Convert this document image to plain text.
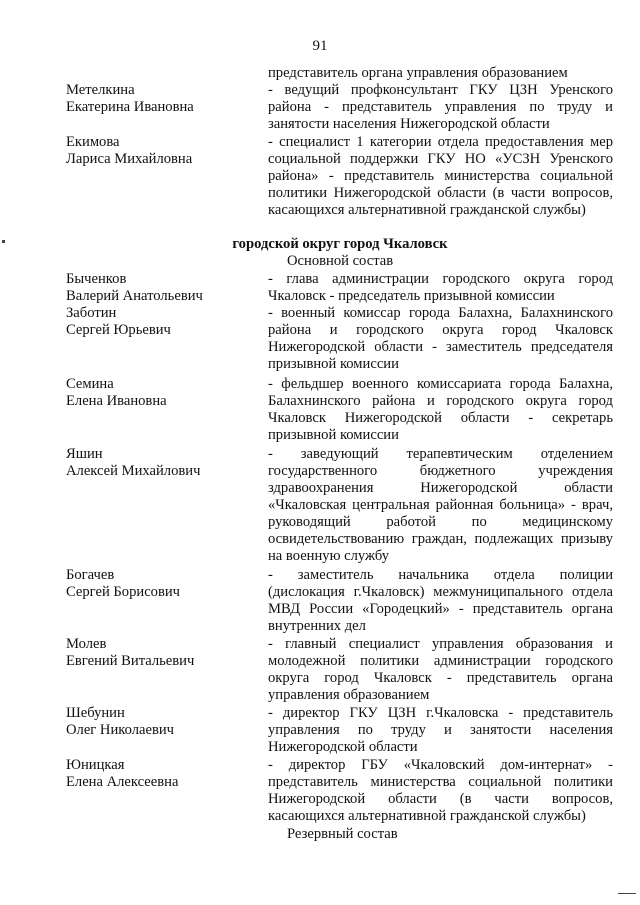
91
представитель органа управления образованием
Метелкина
Екатерина Ивановна
- ведущий профконсультант ГКУ ЦЗН Уренского
района - представитель управления по труду и
занятости населения Нижегородской области
Екимова
Лариса Михайловна
- специалист 1 категории отдела предоставления мер
социальной поддержки ГКУ НО «УСЗН Уренского
района» - представитель министерства социальной
политики Нижегородской области (в части вопросов,
касающихся альтернативной гражданской службы)
городской округ город Чкаловск
Основной состав
Быченков
Валерий Анатольевич
- глава администрации городского округа город
Чкаловск - председатель призывной комиссии
Заботин
Сергей Юрьевич
- военный комиссар города Балахна, Балахнинского
района и городского округа город Чкаловск
Нижегородской области - заместитель председателя
призывной комиссии
Семина
Елена Ивановна
- фельдшер военного комиссариата города Балахна,
Балахнинского района и городского округа город
Чкаловск Нижегородской области - секретарь
призывной комиссии
Яшин
Алексей Михайлович
- заведующий терапевтическим отделением
государственного бюджетного учреждения
здравоохранения Нижегородской области
«Чкаловская центральная районная больница» - врач,
руководящий работой по медицинскому
освидетельствованию граждан, подлежащих призыву
на военную службу
Богачев
Сергей Борисович
- заместитель начальника отдела полиции
(дислокация г.Чкаловск) межмуниципального отдела
МВД России «Городецкий» - представитель органа
внутренних дел
Молев
Евгений Витальевич
- главный специалист управления образования и
молодежной политики администрации городского
округа город Чкаловск - представитель органа
управления образованием
Шебунин
Олег Николаевич
- директор ГКУ ЦЗН г.Чкаловска - представитель
управления по труду и занятости населения
Нижегородской области
Юницкая
Елена Алексеевна
- директор ГБУ «Чкаловский дом-интернат» -
представитель министерства социальной политики
Нижегородской области (в части вопросов,
касающихся альтернативной гражданской службы)
Резервный состав
